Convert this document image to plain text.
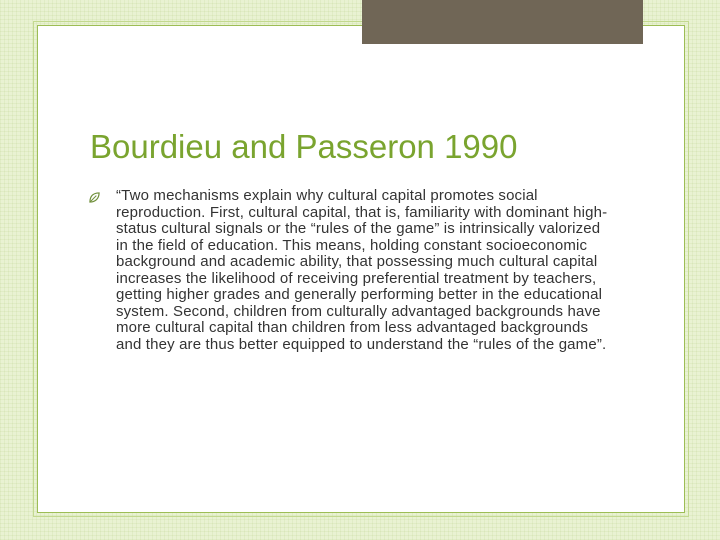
Bourdieu and Passeron 1990

“Two mechanisms explain why cultural capital promotes social reproduction. First, cultural capital, that is, familiarity with dominant high-status cultural signals or the “rules of the game” is intrinsically valorized in the field of education. This means, holding constant socioeconomic background and academic ability, that possessing much cultural capital increases the likelihood of receiving preferential treatment by teachers, getting higher grades and generally performing better in the educational system. Second, children from culturally advantaged backgrounds have more cultural capital than children from less advantaged backgrounds and they are thus better equipped to understand the “rules of the game”.
